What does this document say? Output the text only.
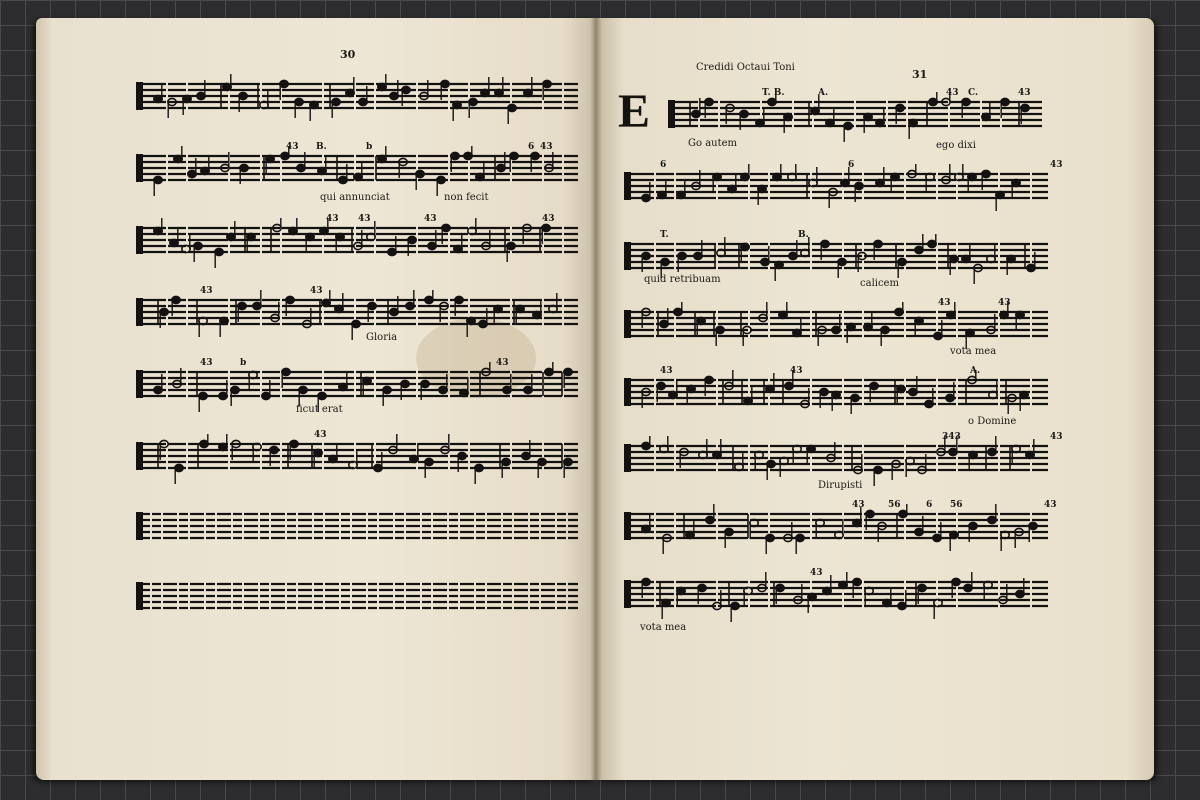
30
43 B.	b	6 43
43 43	43	43
43	43
43	b	43
43
qui annunciat	non fecit
Gloria
ficut erat
Credidi Octaui Toni
31
E	T. B.	A.	43 C.	43
6	6	43
T.	B.
43	43
43	43	A.
343	43
43	56	6 56	43
43
Go autem	ego dixi
quid retribuam	calicem
vota mea
o Domine
Dirupisti
vota mea
